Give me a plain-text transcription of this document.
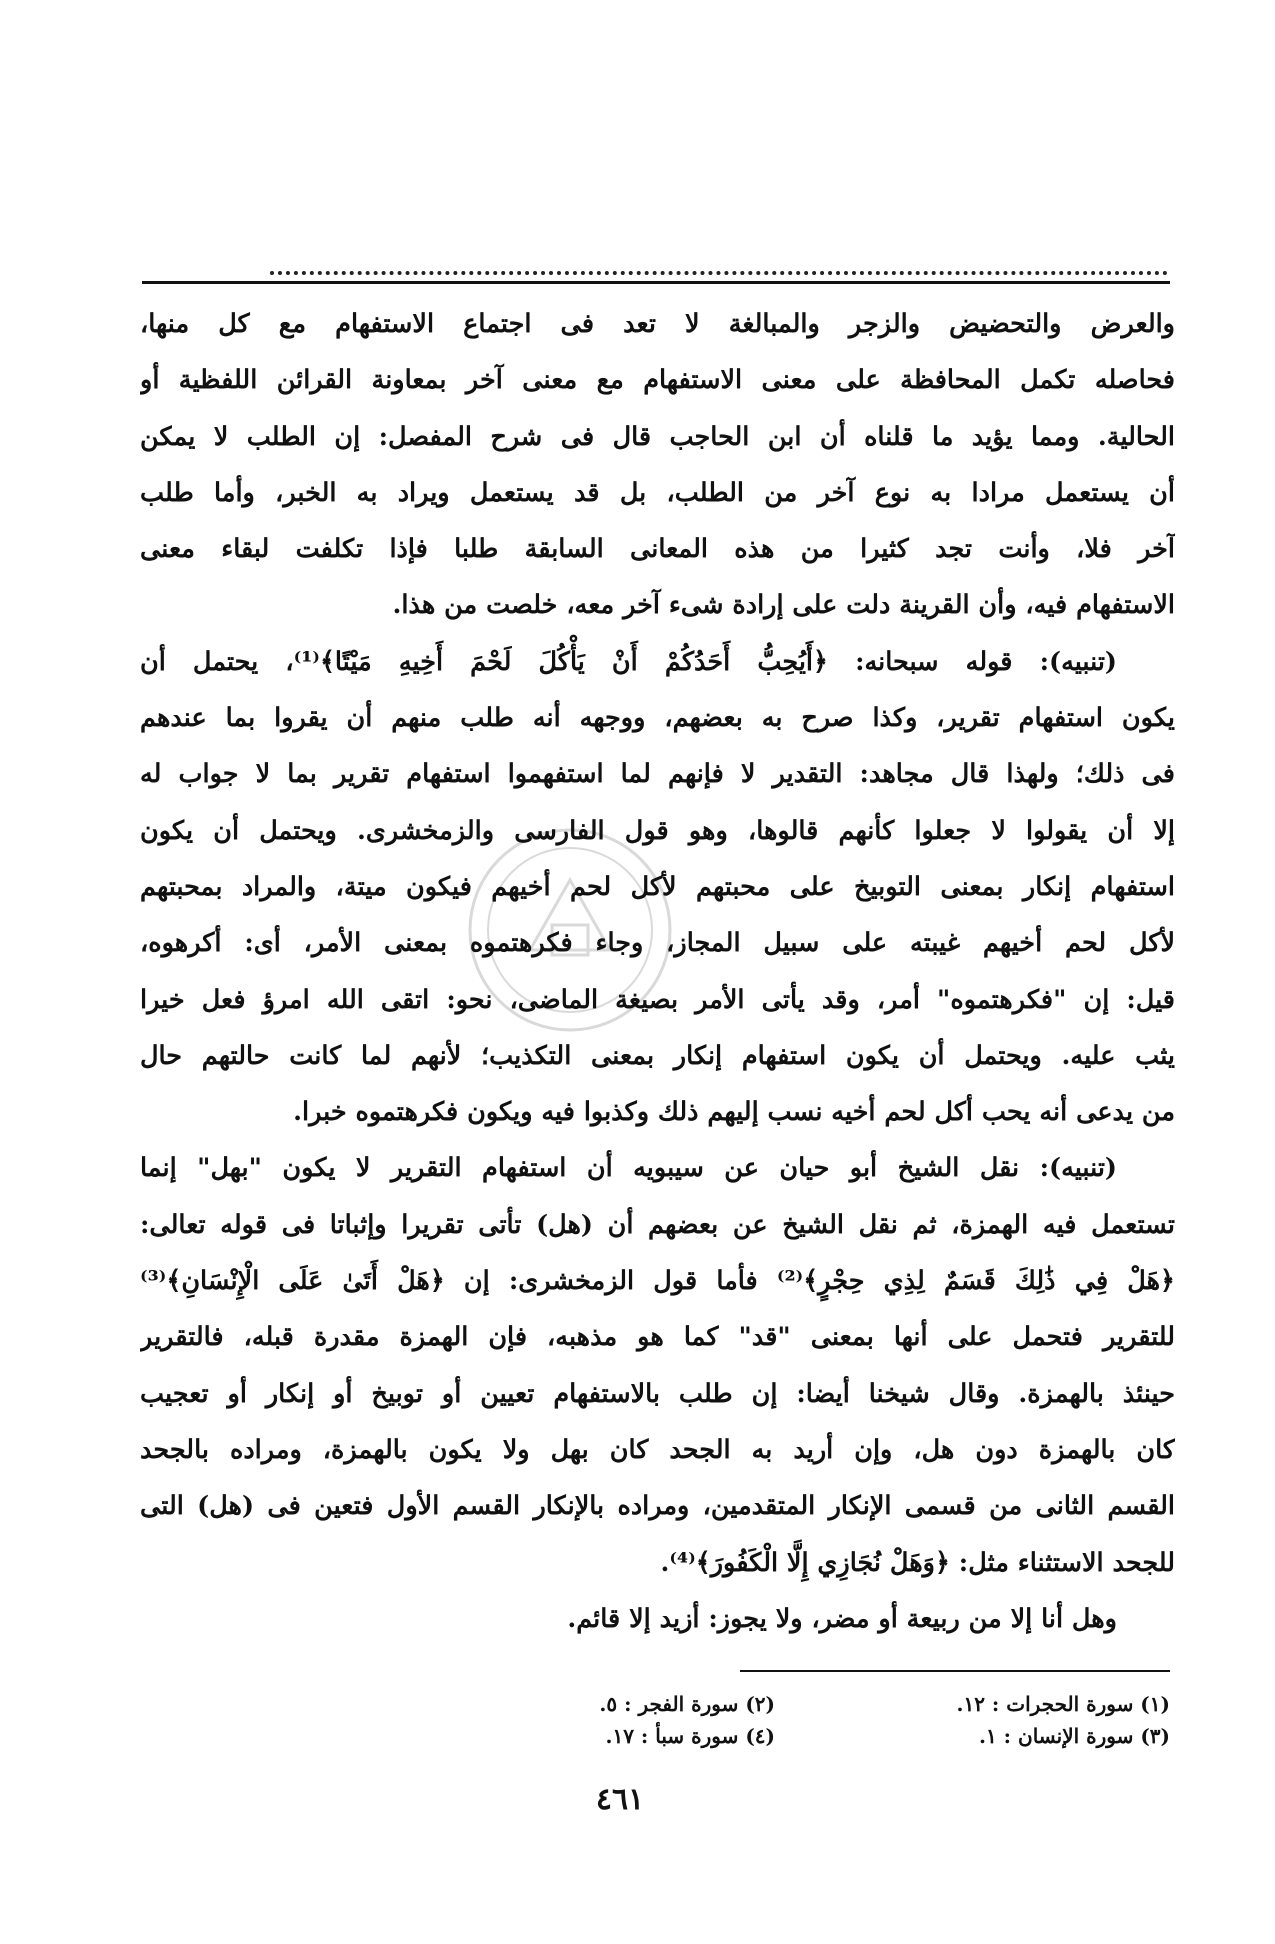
والعرض والتحضيض والزجر والمبالغة لا تعد فى اجتماع الاستفهام مع كل منها،
فحاصله تكمل المحافظة على معنى الاستفهام مع معنى آخر بمعاونة القرائن اللفظية أو
الحالية. ومما يؤيد ما قلناه أن ابن الحاجب قال فى شرح المفصل: إن الطلب لا يمكن
أن يستعمل مرادا به نوع آخر من الطلب، بل قد يستعمل ويراد به الخبر، وأما طلب
آخر فلا، وأنت تجد كثيرا من هذه المعانى السابقة طلبا فإذا تكلفت لبقاء معنى
الاستفهام فيه، وأن القرينة دلت على إرادة شىء آخر معه، خلصت من هذا.
(تنبيه): قوله سبحانه: ﴿أَيُحِبُّ أَحَدُكُمْ أَنْ يَأْكُلَ لَحْمَ أَخِيهِ مَيْتًا﴾⁽¹⁾، يحتمل أن
يكون استفهام تقرير، وكذا صرح به بعضهم، ووجهه أنه طلب منهم أن يقروا بما عندهم
فى ذلك؛ ولهذا قال مجاهد: التقدير لا فإنهم لما استفهموا استفهام تقرير بما لا جواب له
إلا أن يقولوا لا جعلوا كأنهم قالوها، وهو قول الفارسى والزمخشرى. ويحتمل أن يكون
استفهام إنكار بمعنى التوبيخ على محبتهم لأكل لحم أخيهم فيكون ميتة، والمراد بمحبتهم
لأكل لحم أخيهم غيبته على سبيل المجاز، وجاء فكرهتموه بمعنى الأمر، أى: أكرهوه،
قيل: إن "فكرهتموه" أمر، وقد يأتى الأمر بصيغة الماضى، نحو: اتقى الله امرؤ فعل خيرا
يثب عليه. ويحتمل أن يكون استفهام إنكار بمعنى التكذيب؛ لأنهم لما كانت حالتهم حال
من يدعى أنه يحب أكل لحم أخيه نسب إليهم ذلك وكذبوا فيه ويكون فكرهتموه خبرا.
(تنبيه): نقل الشيخ أبو حيان عن سيبويه أن استفهام التقرير لا يكون "بهل" إنما
تستعمل فيه الهمزة، ثم نقل الشيخ عن بعضهم أن (هل) تأتى تقريرا وإثباتا فى قوله تعالى:
﴿هَلْ فِي ذَٰلِكَ قَسَمٌ لِذِي حِجْرٍ﴾⁽²⁾ فأما قول الزمخشرى: إن ﴿هَلْ أَتَىٰ عَلَى الْإِنْسَانِ﴾⁽³⁾
للتقرير فتحمل على أنها بمعنى "قد" كما هو مذهبه، فإن الهمزة مقدرة قبله، فالتقرير
حينئذ بالهمزة. وقال شيخنا أيضا: إن طلب بالاستفهام تعيين أو توبيخ أو إنكار أو تعجيب
كان بالهمزة دون هل، وإن أريد به الجحد كان بهل ولا يكون بالهمزة، ومراده بالجحد
القسم الثانى من قسمى الإنكار المتقدمين، ومراده بالإنكار القسم الأول فتعين فى (هل) التى
للجحد الاستثناء مثل: ﴿وَهَلْ نُجَازِي إِلَّا الْكَفُورَ﴾⁽⁴⁾.
وهل أنا إلا من ربيعة أو مضر، ولا يجوز: أزيد إلا قائم.
(١) سورة الحجرات : ١٢.
(٢) سورة الفجر : ٥.
(٣) سورة الإنسان : ١.
(٤) سورة سبأ : ١٧.
٤٦١
